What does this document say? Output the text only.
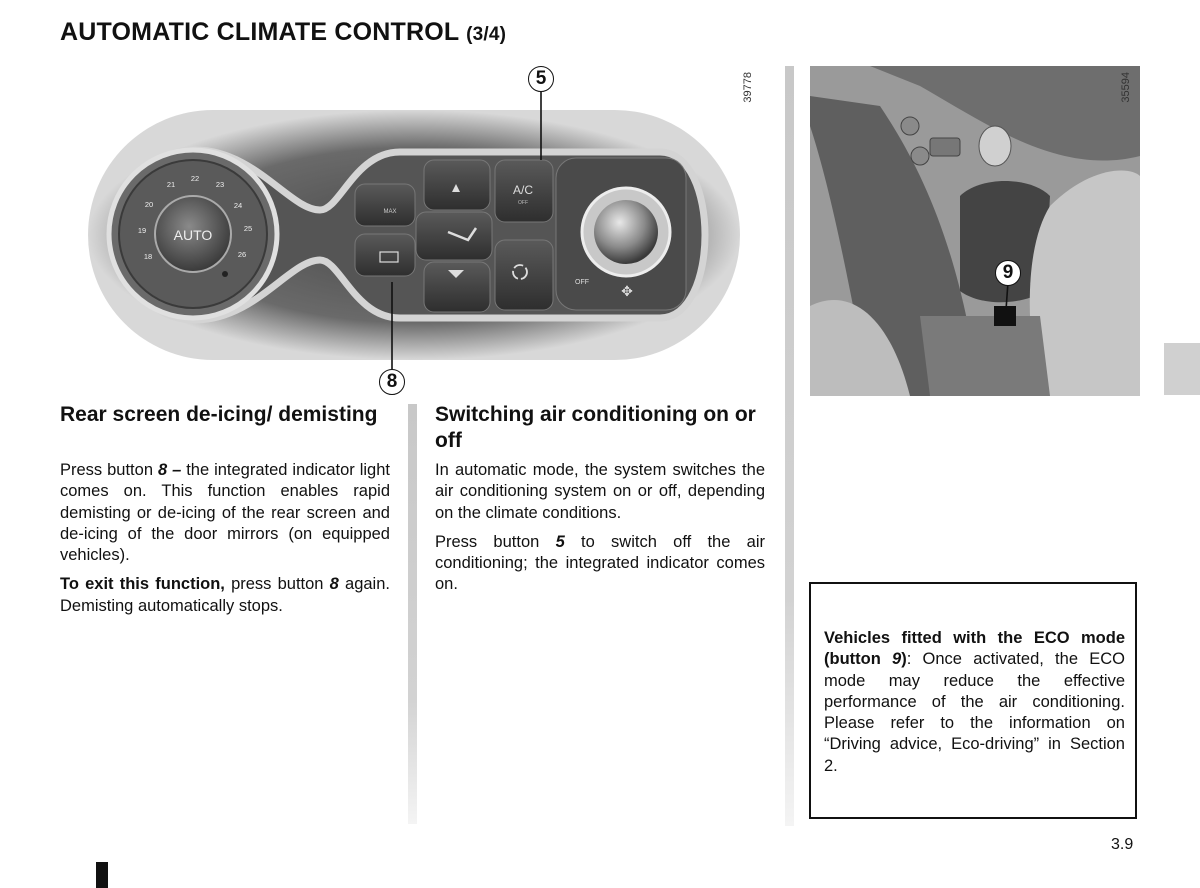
AUTOMATIC CLIMATE CONTROL (3/4)
AUTO
18
19
20
21
22
23
24
25
26
MAX
A/C
OFF
OFF
✥
5
8
39778
9
35594
Rear screen de-icing/ demisting

Press button 8 – the integrated indicator light comes on. This function enables rapid demisting or de-icing of the rear screen and de-icing of the door mirrors (on equipped vehicles).

To exit this function, press button 8 again. Demisting automatically stops.

Switching air conditioning on or off

In automatic mode, the system switches the air conditioning system on or off, depending on the climate conditions.

Press button 5 to switch off the air conditioning; the integrated indicator comes on.

Vehicles fitted with the ECO mode (button 9): Once activated, the ECO mode may reduce the effective performance of the air conditioning. Please refer to the information on “Driving advice, Eco-driving” in Section 2.
3.9
